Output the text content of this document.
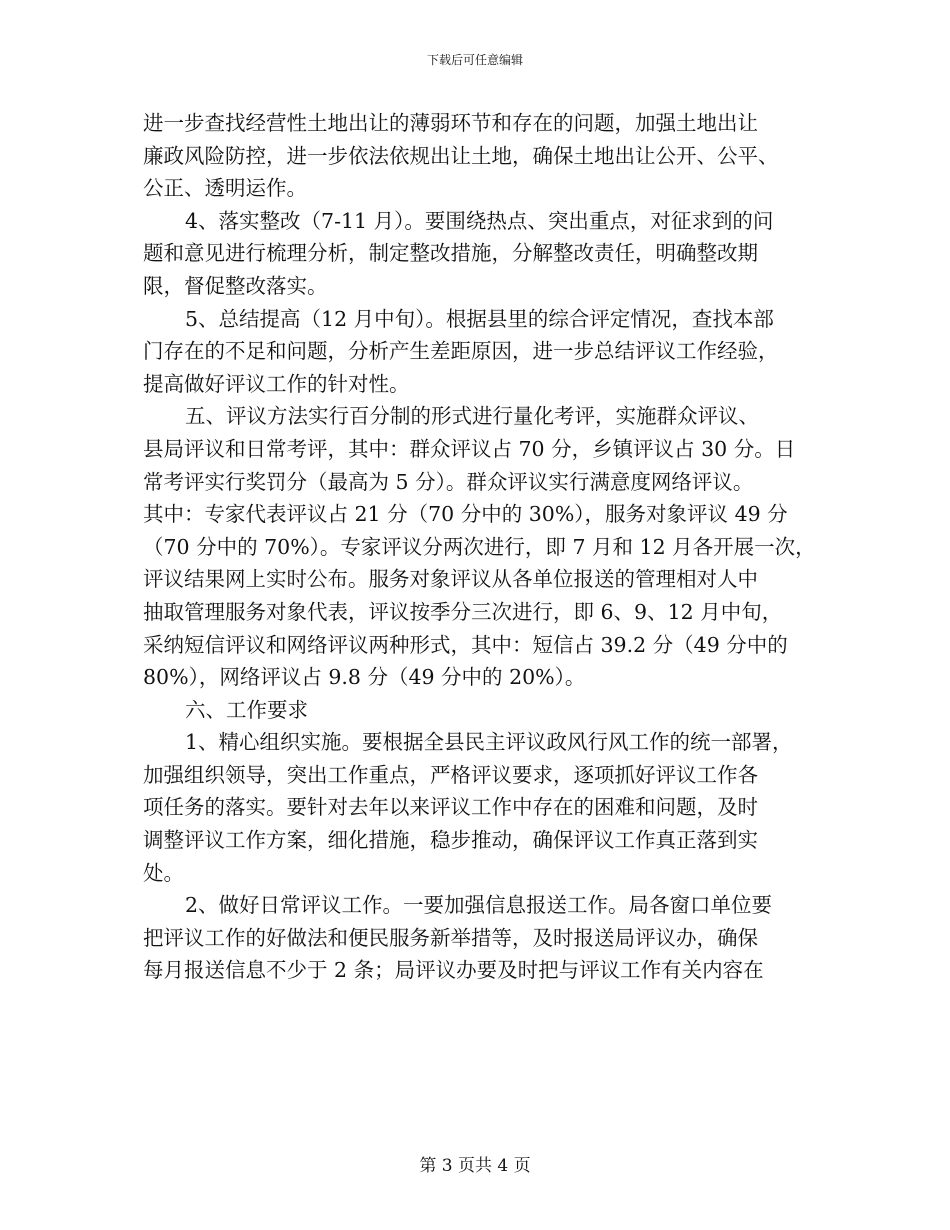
下载后可任意编辑
进一步查找经营性土地出让的薄弱环节和存在的问题，加强土地出让
廉政风险防控，进一步依法依规出让土地，确保土地出让公开、公平、
公正、透明运作。
4、落实整改（7-11 月）。要围绕热点、突出重点，对征求到的问
题和意见进行梳理分析，制定整改措施，分解整改责任，明确整改期
限，督促整改落实。
5、总结提高（12 月中旬）。根据县里的综合评定情况，查找本部
门存在的不足和问题，分析产生差距原因，进一步总结评议工作经验，
提高做好评议工作的针对性。
五、评议方法实行百分制的形式进行量化考评，实施群众评议、
县局评议和日常考评，其中：群众评议占 70 分，乡镇评议占 30 分。日
常考评实行奖罚分（最高为 5 分）。群众评议实行满意度网络评议。
其中：专家代表评议占 21 分（70 分中的 30%），服务对象评议 49 分
（70 分中的 70%）。专家评议分两次进行，即 7 月和 12 月各开展一次，
评议结果网上实时公布。服务对象评议从各单位报送的管理相对人中
抽取管理服务对象代表，评议按季分三次进行，即 6、9、12 月中旬，
采纳短信评议和网络评议两种形式，其中：短信占 39.2 分（49 分中的
80%），网络评议占 9.8 分（49 分中的 20%）。
六、工作要求
1、精心组织实施。要根据全县民主评议政风行风工作的统一部署，
加强组织领导，突出工作重点，严格评议要求，逐项抓好评议工作各
项任务的落实。要针对去年以来评议工作中存在的困难和问题，及时
调整评议工作方案，细化措施，稳步推动，确保评议工作真正落到实
处。
2、做好日常评议工作。一要加强信息报送工作。局各窗口单位要
把评议工作的好做法和便民服务新举措等，及时报送局评议办，确保
每月报送信息不少于 2 条；局评议办要及时把与评议工作有关内容在
第 3 页共 4 页
